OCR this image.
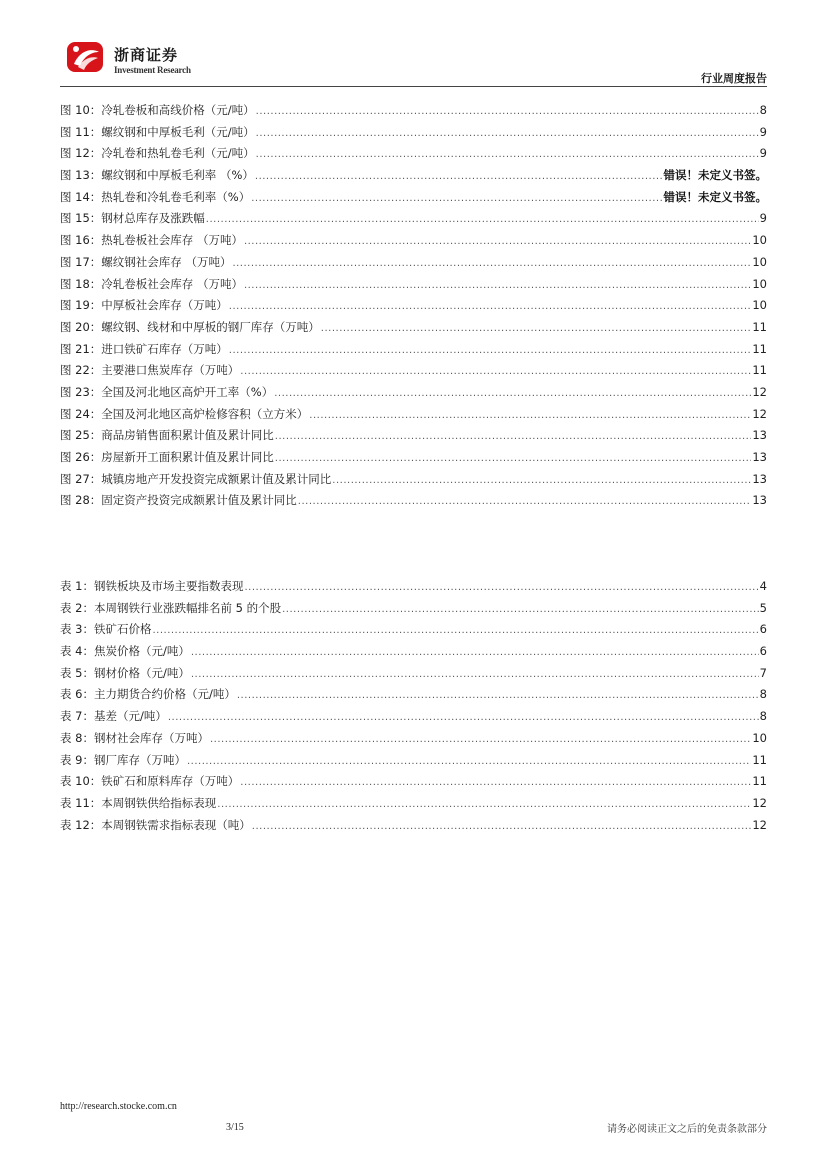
浙商证券
Investment Research
行业周度报告
图 10： 冷轧卷板和高线价格（元/吨） .....	8
图 11： 螺纹钢和中厚板毛利（元/吨） .....	9
图 12： 冷轧卷和热轧卷毛利（元/吨） .....	9
图 13： 螺纹钢和中厚板毛利率 （%） .....	错误！未定义书签。
图 14： 热轧卷和冷轧卷毛利率（%） .....	错误！未定义书签。
图 15： 钢材总库存及涨跌幅 .....	9
图 16： 热轧卷板社会库存 （万吨） .....	10
图 17： 螺纹钢社会库存 （万吨） .....	10
图 18： 冷轧卷板社会库存 （万吨） .....	10
图 19： 中厚板社会库存（万吨） .....	10
图 20： 螺纹钢、线材和中厚板的钢厂库存（万吨） .....	11
图 21： 进口铁矿石库存（万吨） .....	11
图 22： 主要港口焦炭库存（万吨） .....	11
图 23： 全国及河北地区高炉开工率（%） .....	12
图 24： 全国及河北地区高炉检修容积（立方米） .....	12
图 25： 商品房销售面积累计值及累计同比 .....	13
图 26： 房屋新开工面积累计值及累计同比 .....	13
图 27： 城镇房地产开发投资完成额累计值及累计同比 .....	13
图 28： 固定资产投资完成额累计值及累计同比 .....	13
表 1： 钢铁板块及市场主要指数表现 .....	4
表 2： 本周钢铁行业涨跌幅排名前 5 的个股 .....	5
表 3： 铁矿石价格 .....	6
表 4： 焦炭价格（元/吨） .....	6
表 5： 钢材价格（元/吨） .....	7
表 6： 主力期货合约价格（元/吨） .....	8
表 7： 基差（元/吨） .....	8
表 8： 钢材社会库存（万吨） .....	10
表 9： 钢厂库存（万吨） .....	11
表 10： 铁矿石和原料库存（万吨） .....	11
表 11： 本周钢铁供给指标表现 .....	12
表 12： 本周钢铁需求指标表现（吨） .....	12
http://research.stocke.com.cn
3/15	请务必阅读正文之后的免责条款部分
